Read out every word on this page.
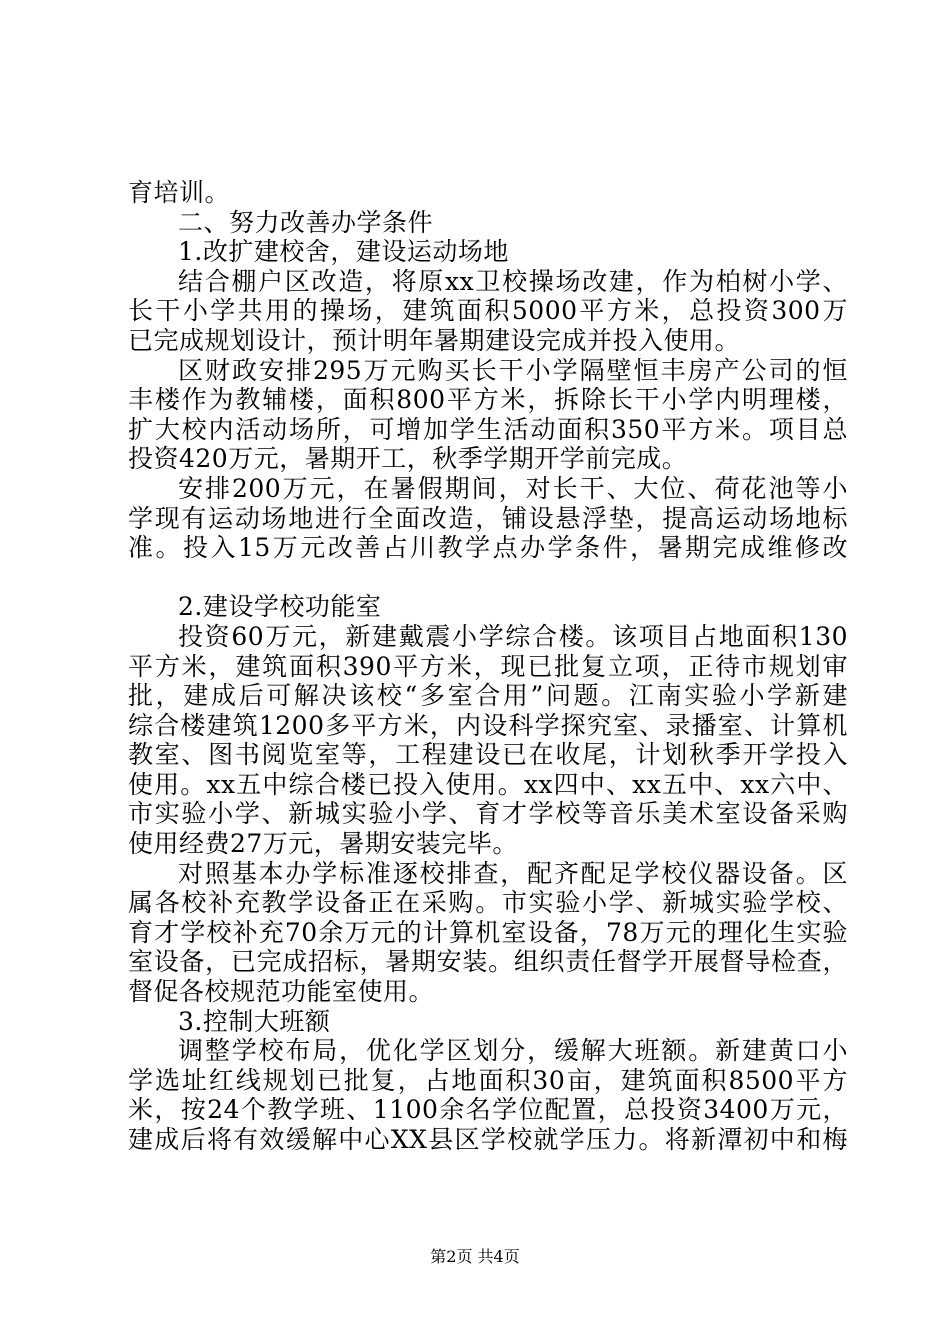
育培训。
二、努力改善办学条件
1.改扩建校舍，建设运动场地
结合棚户区改造，将原xx卫校操场改建，作为柏树小学、
长干小学共用的操场，建筑面积5000平方米，总投资300万
已完成规划设计，预计明年暑期建设完成并投入使用。
区财政安排295万元购买长干小学隔壁恒丰房产公司的恒
丰楼作为教辅楼，面积800平方米，拆除长干小学内明理楼，
扩大校内活动场所，可增加学生活动面积350平方米。项目总
投资420万元，暑期开工，秋季学期开学前完成。
安排200万元，在暑假期间，对长干、大位、荷花池等小
学现有运动场地进行全面改造，铺设悬浮垫，提高运动场地标
准。投入15万元改善占川教学点办学条件，暑期完成维修改
2.建设学校功能室
投资60万元，新建戴震小学综合楼。该项目占地面积130
平方米，建筑面积390平方米，现已批复立项，正待市规划审
批，建成后可解决该校“多室合用”问题。江南实验小学新建
综合楼建筑1200多平方米，内设科学探究室、录播室、计算机
教室、图书阅览室等，工程建设已在收尾，计划秋季开学投入
使用。xx五中综合楼已投入使用。xx四中、xx五中、xx六中、
市实验小学、新城实验小学、育才学校等音乐美术室设备采购
使用经费27万元，暑期安装完毕。
对照基本办学标准逐校排查，配齐配足学校仪器设备。区
属各校补充教学设备正在采购。市实验小学、新城实验学校、
育才学校补充70余万元的计算机室设备，78万元的理化生实验
室设备，已完成招标，暑期安装。组织责任督学开展督导检查，
督促各校规范功能室使用。
3.控制大班额
调整学校布局，优化学区划分，缓解大班额。新建黄口小
学选址红线规划已批复，占地面积30亩，建筑面积8500平方
米，按24个教学班、1100余名学位配置，总投资3400万元，
建成后将有效缓解中心XX县区学校就学压力。将新潭初中和梅
第2页 共4页
